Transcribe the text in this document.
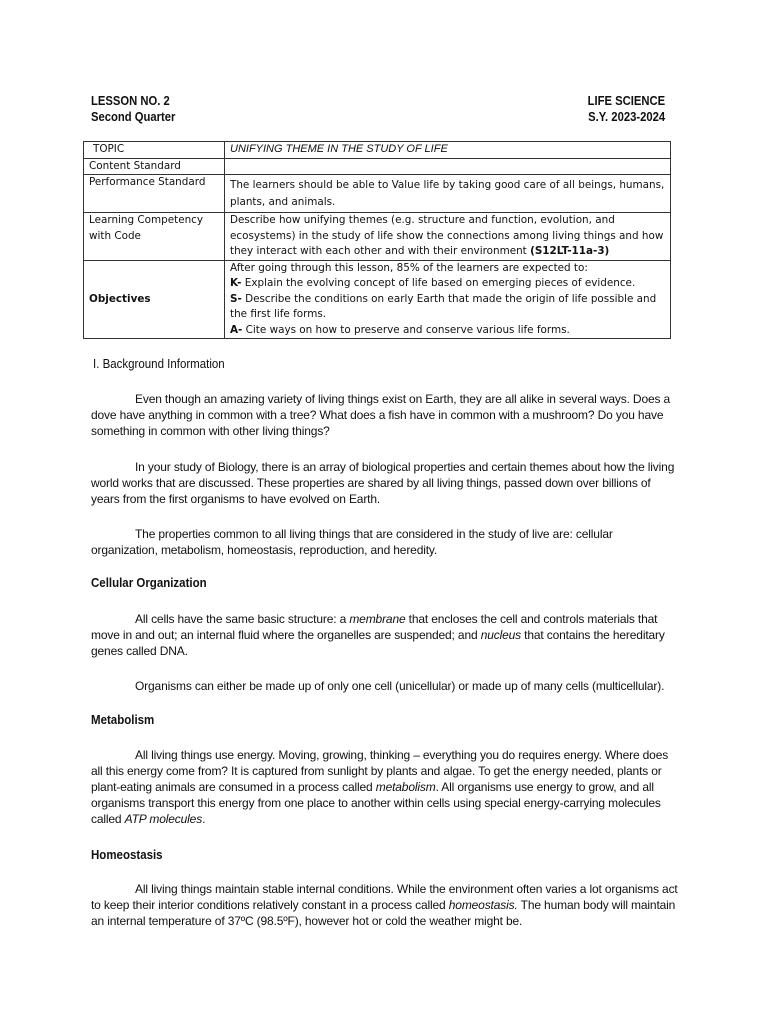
LESSON NO. 2
Second Quarter
LIFE SCIENCE
S.Y. 2023-2024
TOPIC	UNIFYING THEME IN THE STUDY OF LIFE
Content Standard	
Performance Standard	The learners should be able to Value life by taking good care of all beings, humans, plants, and animals.
Learning Competency with Code	Describe how unifying themes (e.g. structure and function, evolution, and ecosystems) in the study of life show the connections among living things and how they interact with each other and with their environment (S12LT-11a-3)
Objectives	After going through this lesson, 85% of the learners are expected to:
K- Explain the evolving concept of life based on emerging pieces of evidence.
S- Describe the conditions on early Earth that made the origin of life possible and the first life forms.
A- Cite ways on how to preserve and conserve various life forms.
I. Background Information

Even though an amazing variety of living things exist on Earth, they are all alike in several ways. Does a dove have anything in common with a tree? What does a fish have in common with a mushroom? Do you have something in common with other living things?

In your study of Biology, there is an array of biological properties and certain themes about how the living world works that are discussed. These properties are shared by all living things, passed down over billions of years from the first organisms to have evolved on Earth.

The properties common to all living things that are considered in the study of live are: cellular organization, metabolism, homeostasis, reproduction, and heredity.

Cellular Organization

All cells have the same basic structure: a membrane that encloses the cell and controls materials that move in and out; an internal fluid where the organelles are suspended; and nucleus that contains the hereditary genes called DNA.

Organisms can either be made up of only one cell (unicellular) or made up of many cells (multicellular).

Metabolism

All living things use energy. Moving, growing, thinking – everything you do requires energy. Where does all this energy come from? It is captured from sunlight by plants and algae. To get the energy needed, plants or plant-eating animals are consumed in a process called metabolism. All organisms use energy to grow, and all organisms transport this energy from one place to another within cells using special energy-carrying molecules called ATP molecules.

Homeostasis

All living things maintain stable internal conditions. While the environment often varies a lot organisms act to keep their interior conditions relatively constant in a process called homeostasis. The human body will maintain an internal temperature of 37ºC (98.5ºF), however hot or cold the weather might be.
